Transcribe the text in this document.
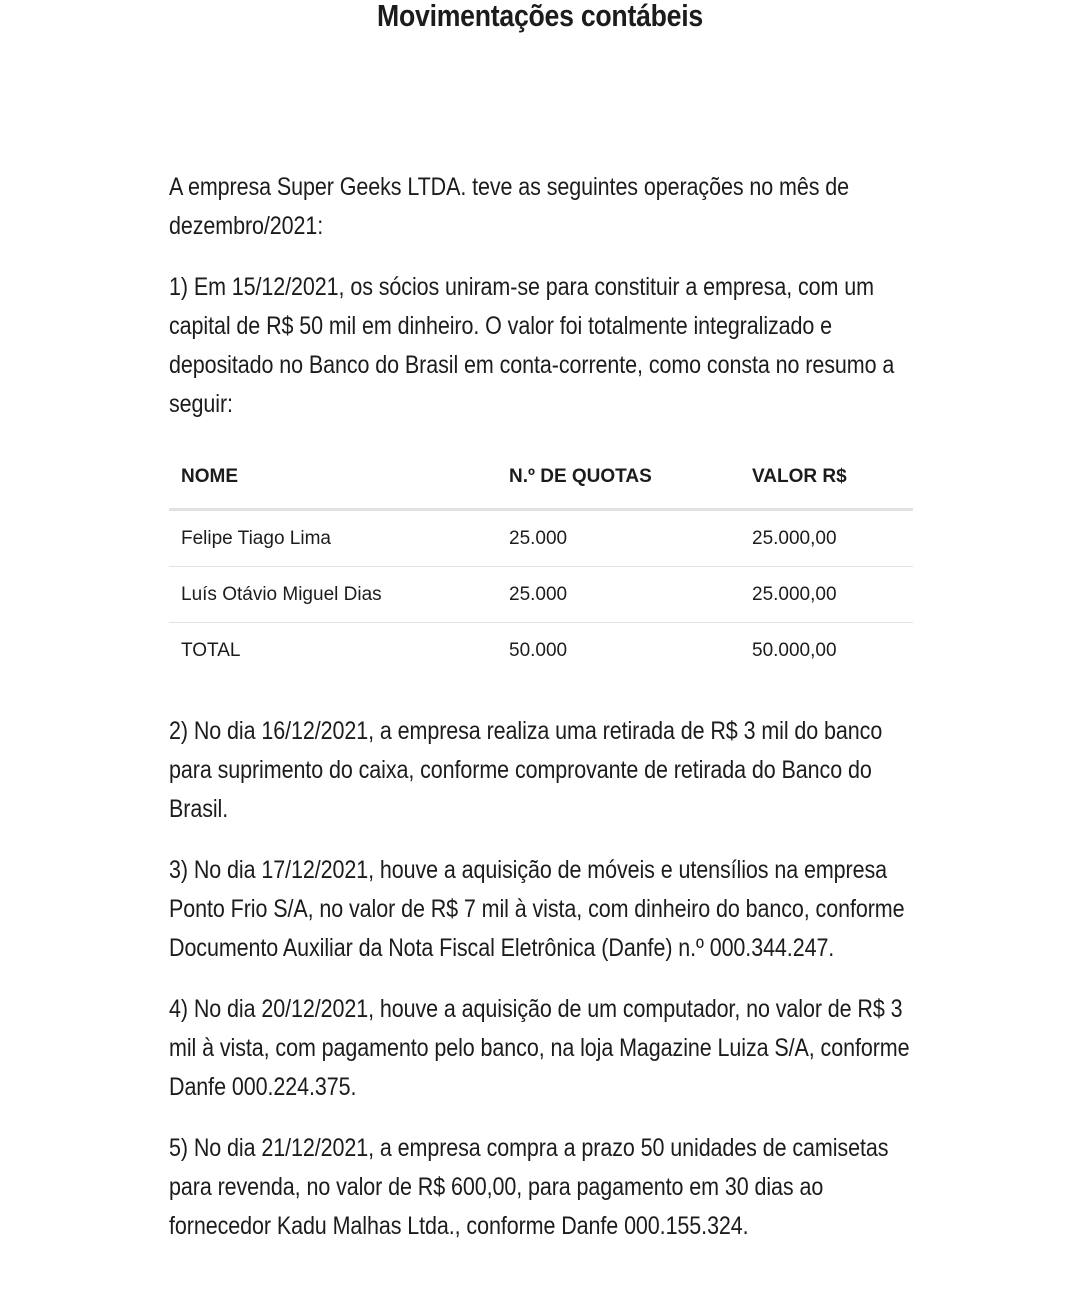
Movimentações contábeis

A empresa Super Geeks LTDA. teve as seguintes operações no mês de dezembro/2021:

1) Em 15/12/2021, os sócios uniram-se para constituir a empresa, com um capital de R$ 50 mil em dinheiro. O valor foi totalmente integralizado e depositado no Banco do Brasil em conta-corrente, como consta no resumo a seguir:

NOME	N.º DE QUOTAS	VALOR R$
Felipe Tiago Lima	25.000	25.000,00
Luís Otávio Miguel Dias	25.000	25.000,00
TOTAL	50.000	50.000,00

2) No dia 16/12/2021, a empresa realiza uma retirada de R$ 3 mil do banco para suprimento do caixa, conforme comprovante de retirada do Banco do Brasil.

3) No dia 17/12/2021, houve a aquisição de móveis e utensílios na empresa Ponto Frio S/A, no valor de R$ 7 mil à vista, com dinheiro do banco, conforme Documento Auxiliar da Nota Fiscal Eletrônica (Danfe) n.º 000.344.247.

4) No dia 20/12/2021, houve a aquisição de um computador, no valor de R$ 3 mil à vista, com pagamento pelo banco, na loja Magazine Luiza S/A, conforme Danfe 000.224.375.

5) No dia 21/12/2021, a empresa compra a prazo 50 unidades de camisetas para revenda, no valor de R$ 600,00, para pagamento em 30 dias ao fornecedor Kadu Malhas Ltda., conforme Danfe 000.155.324.
